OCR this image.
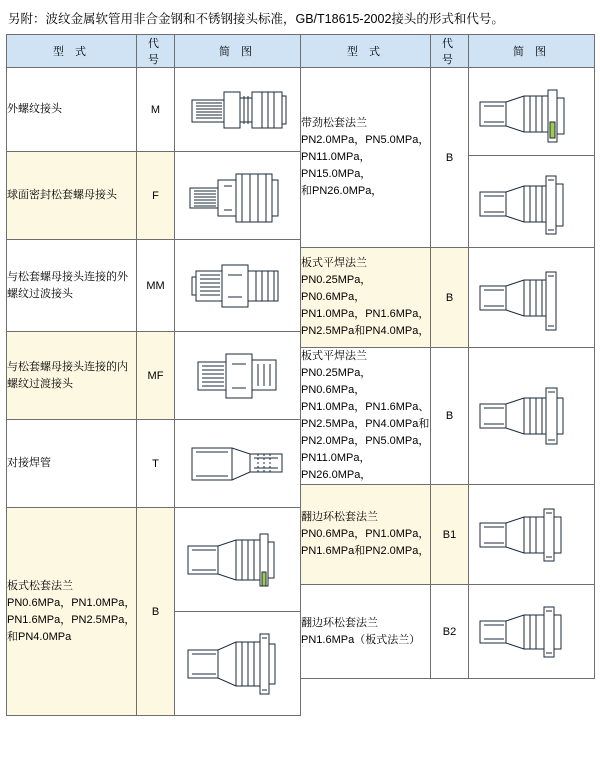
另附：波纹金属软管用非合金钢和不锈钢接头标准，GB/T18615-2002接头的形式和代号。
型 式	代 号	简 图
外螺纹接头	M	

球面密封松套螺母接头	F	

与松套螺母接头连接的外螺纹过波接头	MM	

与松套螺母接头连接的内螺纹过渡接头	MF	

对接焊管	T	

板式松套法兰
PN0.6MPa，PN1.0MPa，
PN1.6MPa，PN2.5MPa，
和PN4.0MPa
	B	

型 式	代 号	简 图

带劲松套法兰
PN2.0MPa，PN5.0MPa，
PN11.0MPa，PN15.0MPa，
和PN26.0MPa，
	B	

板式平焊法兰
PN0.25MPa，PN0.6MPa，
PN1.0MPa，PN1.6MPa，
PN2.5MPa和PN4.0MPa，
	B	

板式平焊法兰
PN0.25MPa，PN0.6MPa，
PN1.0MPa，PN1.6MPa、
PN2.5MPa，PN4.0MPa和
PN2.0MPa，PN5.0MPa，
PN11.0MPa，PN26.0MPa，
	B	

翻边环松套法兰
PN0.6MPa，PN1.0MPa，
PN1.6MPa和PN2.0MPa，
	B1	

翻边环松套法兰
PN1.6MPa（板式法兰）
	B2	
